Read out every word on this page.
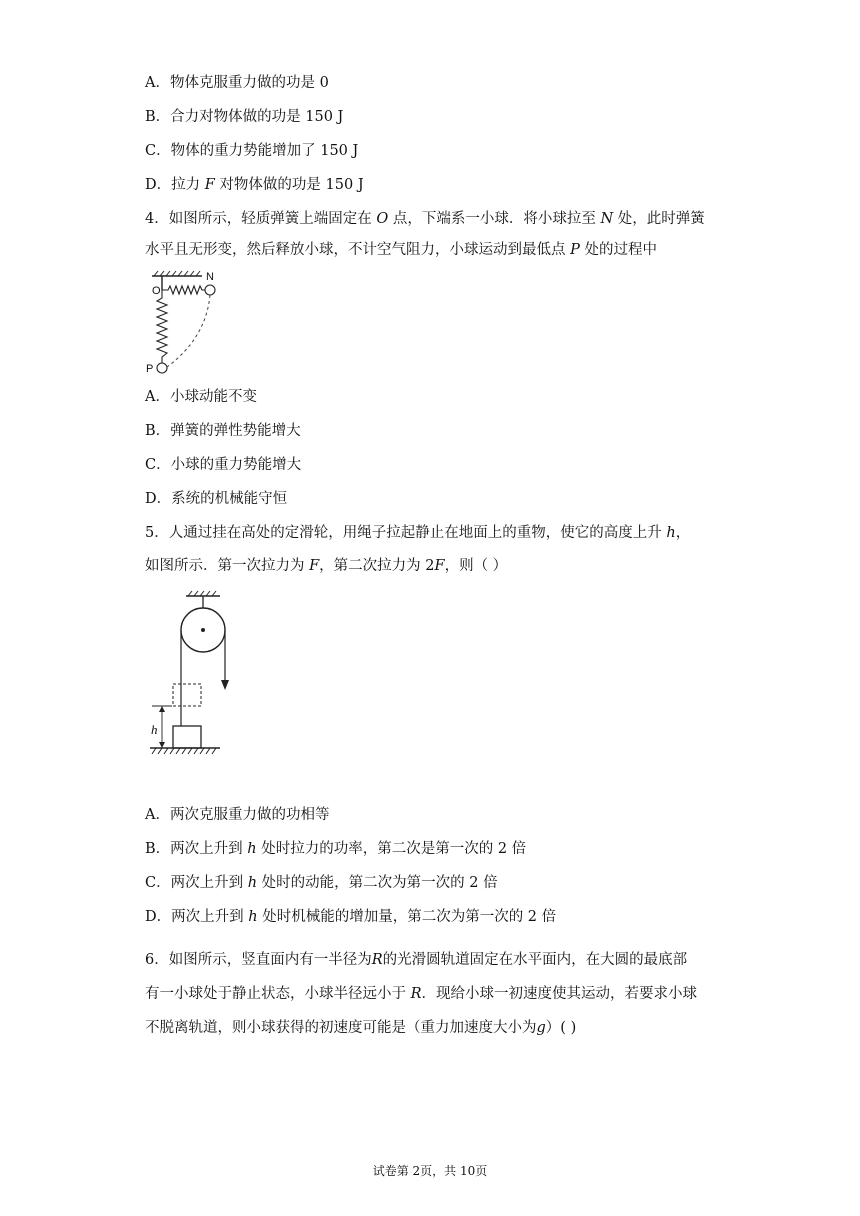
A．物体克服重力做的功是 0
B．合力对物体做的功是 150 J
C．物体的重力势能增加了 150 J
D．拉力 F 对物体做的功是 150 J
4．如图所示，轻质弹簧上端固定在 O 点，下端系一小球．将小球拉至 N 处，此时弹簧
水平且无形变，然后释放小球，不计空气阻力，小球运动到最低点 P 处的过程中
O
N
P
A．小球动能不变
B．弹簧的弹性势能增大
C．小球的重力势能增大
D．系统的机械能守恒
5．人通过挂在高处的定滑轮，用绳子拉起静止在地面上的重物，使它的高度上升 h，
如图所示．第一次拉力为 F，第二次拉力为 2F，则（ ）
h
A．两次克服重力做的功相等
B．两次上升到 h 处时拉力的功率，第二次是第一次的 2 倍
C．两次上升到 h 处时的动能，第二次为第一次的 2 倍
D．两次上升到 h 处时机械能的增加量，第二次为第一次的 2 倍
6．如图所示，竖直面内有一半径为R的光滑圆轨道固定在水平面内，在大圆的最底部
有一小球处于静止状态，小球半径远小于 R．现给小球一初速度使其运动，若要求小球
不脱离轨道，则小球获得的初速度可能是（重力加速度大小为g）( )
试卷第 2页，共 10页
